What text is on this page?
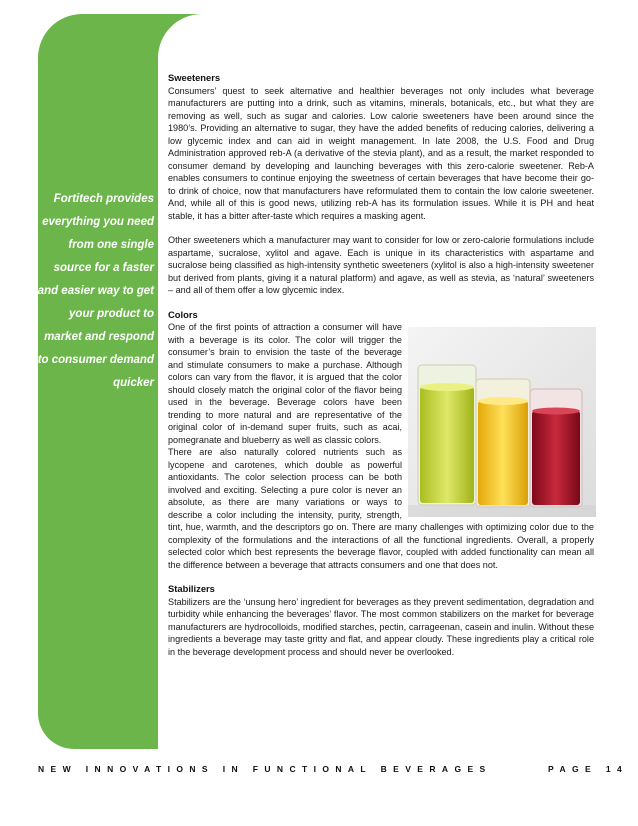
Fortitech provides everything you need from one single source for a faster and easier way to get your product to market and respond to consumer demand quicker
Sweeteners

Consumers’ quest to seek alternative and healthier beverages not only includes what beverage manufacturers are putting into a drink, such as vitamins, minerals, botanicals, etc., but what they are removing as well, such as sugar and calories. Low calorie sweeteners have been around since the 1980’s. Providing an alternative to sugar, they have the added benefits of reducing calories, delivering a low glycemic index and can aid in weight management. In late 2008, the U.S. Food and Drug Administration approved reb-A (a derivative of the stevia plant), and as a result, the market responded to consumer demand by developing and launching beverages with this zero-calorie sweetener. Reb-A enables consumers to continue enjoying the sweetness of certain beverages that have become their go-to drink of choice, now that manufacturers have reformulated them to contain the low calorie sweetener. And, while all of this is good news, utilizing reb-A has its formulation issues. While it is PH and heat stable, it has a bitter after-taste which requires a masking agent.

Other sweeteners which a manufacturer may want to consider for low or zero-calorie formulations include aspartame, sucralose, xylitol and agave. Each is unique in its characteristics with aspartame and sucralose being classified as high-intensity synthetic sweeteners (xylitol is also a high-intensity sweetener but derived from plants, giving it a natural platform) and agave, as well as stevia, as ‘natural’ sweeteners – and all of them offer a low glycemic index.

Colors

One of the first points of attraction a consumer will have with a beverage is its color. The color will trigger the consumer’s brain to envision the taste of the beverage and stimulate consumers to make a purchase. Although colors can vary from the flavor, it is argued that the color should closely match the original color of the flavor being used in the beverage. Beverage colors have been trending to more natural and are representative of the original color of in-demand super fruits, such as acai, pomegranate and blueberry as well as classic colors.

There are also naturally colored nutrients such as lycopene and carotenes, which double as powerful antioxidants. The color selection process can be both involved and exciting. Selecting a pure color is never an absolute, as there are many variations or ways to describe a color including the intensity, purity, strength, tint, hue, warmth, and the descriptors go on. There are many challenges with optimizing color due to the complexity of the formulations and the interactions of all the functional ingredients. Overall, a properly selected color which best represents the beverage flavor, coupled with added functionality can mean all the difference between a beverage that attracts consumers and one that does not.

Stabilizers

Stabilizers are the ‘unsung hero’ ingredient for beverages as they prevent sedimentation, degradation and turbidity while enhancing the beverages’ flavor. The most common stabilizers on the market for beverage manufacturers are hydrocolloids, modified starches, pectin, carrageenan, casein and inulin. Without these ingredients a beverage may taste gritty and flat, and appear cloudy. These ingredients play a critical role in the beverage development process and should never be overlooked.

NEW INNOVATIONS IN FUNCTIONAL BEVERAGES	PAGE 14
